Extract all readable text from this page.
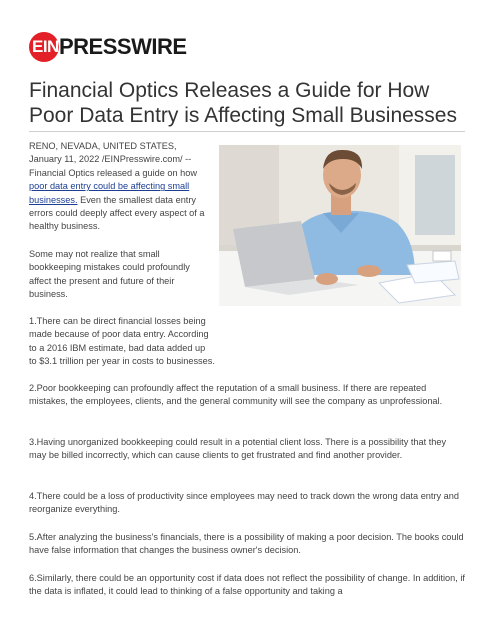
EIN PRESSWIRE
Financial Optics Releases a Guide for How Poor Data Entry is Affecting Small Businesses

RENO, NEVADA, UNITED STATES, January 11, 2022 /EINPresswire.com/ -- Financial Optics released a guide on how poor data entry could be affecting small businesses. Even the smallest data entry errors could deeply affect every aspect of a healthy business.

Some may not realize that small bookkeeping mistakes could profoundly affect the present and future of their business.

1.There can be direct financial losses being made because of poor data entry. According to a 2016 IBM estimate, bad data added up to $3.1 trillion per year in costs to businesses.

2.Poor bookkeeping can profoundly affect the reputation of a small business. If there are repeated mistakes, the employees, clients, and the general community will see the company as unprofessional.

3.Having unorganized bookkeeping could result in a potential client loss. There is a possibility that they may be billed incorrectly, which can cause clients to get frustrated and find another provider.

4.There could be a loss of productivity since employees may need to track down the wrong data entry and reorganize everything.

5.After analyzing the business's financials, there is a possibility of making a poor decision. The books could have false information that changes the business owner's decision.

6.Similarly, there could be an opportunity cost if data does not reflect the possibility of change. In addition, if the data is inflated, it could lead to thinking of a false opportunity and taking a
